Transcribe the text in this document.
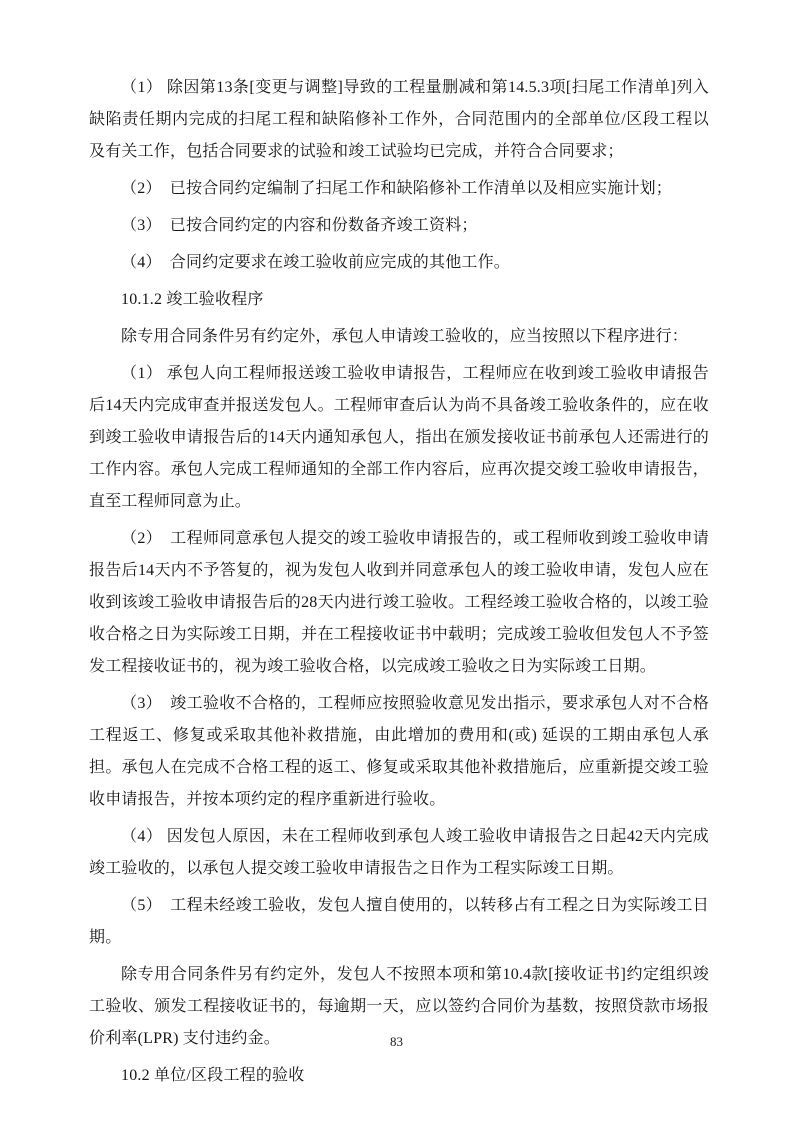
（1） 除因第13条[变更与调整]导致的工程量删减和第14.5.3项[扫尾工作清单]列入缺陷责任期内完成的扫尾工程和缺陷修补工作外，合同范围内的全部单位/区段工程以及有关工作，包括合同要求的试验和竣工试验均已完成，并符合合同要求；

（2）　已按合同约定编制了扫尾工作和缺陷修补工作清单以及相应实施计划；

（3）　已按合同约定的内容和份数备齐竣工资料；

（4）　合同约定要求在竣工验收前应完成的其他工作。

10.1.2 竣工验收程序

除专用合同条件另有约定外，承包人申请竣工验收的，应当按照以下程序进行：

（1） 承包人向工程师报送竣工验收申请报告，工程师应在收到竣工验收申请报告后14天内完成审查并报送发包人。工程师审查后认为尚不具备竣工验收条件的，应在收到竣工验收申请报告后的14天内通知承包人，指出在颁发接收证书前承包人还需进行的工作内容。承包人完成工程师通知的全部工作内容后，应再次提交竣工验收申请报告，直至工程师同意为止。

（2）　工程师同意承包人提交的竣工验收申请报告的，或工程师收到竣工验收申请报告后14天内不予答复的，视为发包人收到并同意承包人的竣工验收申请，发包人应在收到该竣工验收申请报告后的28天内进行竣工验收。工程经竣工验收合格的，以竣工验收合格之日为实际竣工日期，并在工程接收证书中载明；完成竣工验收但发包人不予签发工程接收证书的，视为竣工验收合格，以完成竣工验收之日为实际竣工日期。

（3）　竣工验收不合格的，工程师应按照验收意见发出指示，要求承包人对不合格工程返工、修复或采取其他补救措施，由此增加的费用和(或) 延误的工期由承包人承担。承包人在完成不合格工程的返工、修复或采取其他补救措施后，应重新提交竣工验收申请报告，并按本项约定的程序重新进行验收。

（4） 因发包人原因，未在工程师收到承包人竣工验收申请报告之日起42天内完成竣工验收的，以承包人提交竣工验收申请报告之日作为工程实际竣工日期。

（5）　工程未经竣工验收，发包人擅自使用的，以转移占有工程之日为实际竣工日期。

除专用合同条件另有约定外，发包人不按照本项和第10.4款[接收证书]约定组织竣工验收、颁发工程接收证书的，每逾期一天，应以签约合同价为基数，按照贷款市场报价利率(LPR) 支付违约金。

10.2 单位/区段工程的验收

83
